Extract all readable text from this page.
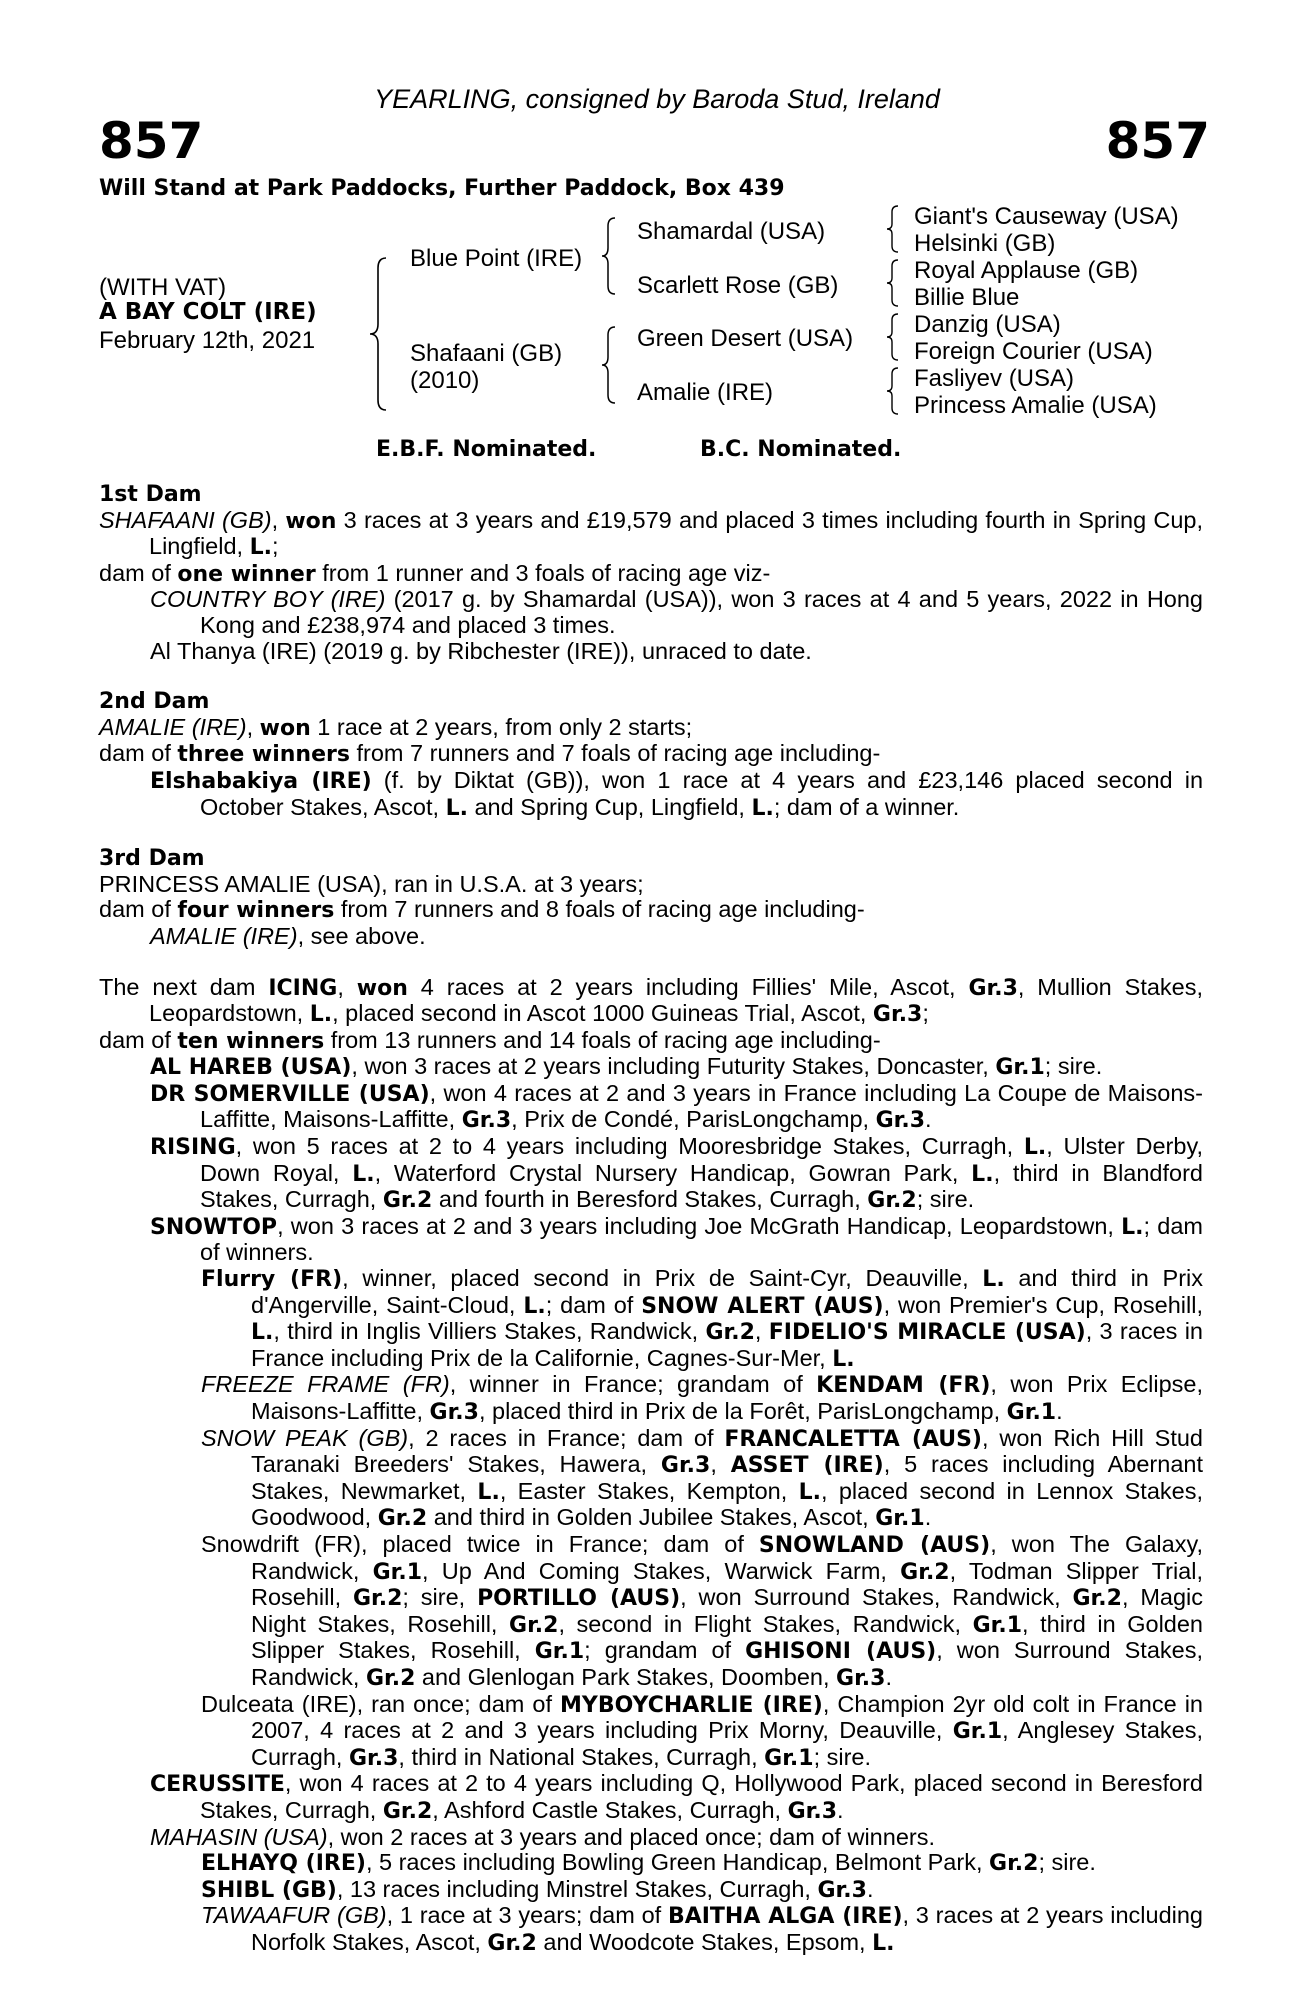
YEARLING, consigned by Baroda Stud, Ireland
857	857
Will Stand at Park Paddocks, Further Paddock, Box 439
(WITH VAT)
A BAY COLT (IRE)
February 12th, 2021
Blue Point (IRE)
Shafaani (GB)
(2010)
Shamardal (USA)
Scarlett Rose (GB)
Green Desert (USA)
Amalie (IRE)
Giant's Causeway (USA)
Helsinki (GB)
Royal Applause (GB)
Billie Blue
Danzig (USA)
Foreign Courier (USA)
Fasliyev (USA)
Princess Amalie (USA)
E.B.F. Nominated.	B.C. Nominated.
1st Dam
SHAFAANI (GB), won 3 races at 3 years and £19,579 and placed 3 times including fourth in Spring Cup, Lingfield, L.;
dam of one winner from 1 runner and 3 foals of racing age viz-
COUNTRY BOY (IRE) (2017 g. by Shamardal (USA)), won 3 races at 4 and 5 years, 2022 in Hong Kong and £238,974 and placed 3 times.
Al Thanya (IRE) (2019 g. by Ribchester (IRE)), unraced to date.
2nd Dam
AMALIE (IRE), won 1 race at 2 years, from only 2 starts;
dam of three winners from 7 runners and 7 foals of racing age including-
Elshabakiya (IRE) (f. by Diktat (GB)), won 1 race at 4 years and £23,146 placed second in October Stakes, Ascot, L. and Spring Cup, Lingfield, L.; dam of a winner.
3rd Dam
PRINCESS AMALIE (USA), ran in U.S.A. at 3 years;
dam of four winners from 7 runners and 8 foals of racing age including-
AMALIE (IRE), see above.
The next dam ICING, won 4 races at 2 years including Fillies' Mile, Ascot, Gr.3, Mullion Stakes, Leopardstown, L., placed second in Ascot 1000 Guineas Trial, Ascot, Gr.3;
dam of ten winners from 13 runners and 14 foals of racing age including-
AL HAREB (USA), won 3 races at 2 years including Futurity Stakes, Doncaster, Gr.1; sire.
DR SOMERVILLE (USA), won 4 races at 2 and 3 years in France including La Coupe de Maisons-Laffitte, Maisons-Laffitte, Gr.3, Prix de Condé, ParisLongchamp, Gr.3.
RISING, won 5 races at 2 to 4 years including Mooresbridge Stakes, Curragh, L., Ulster Derby, Down Royal, L., Waterford Crystal Nursery Handicap, Gowran Park, L., third in Blandford Stakes, Curragh, Gr.2 and fourth in Beresford Stakes, Curragh, Gr.2; sire.
SNOWTOP, won 3 races at 2 and 3 years including Joe McGrath Handicap, Leopardstown, L.; dam of winners.
Flurry (FR), winner, placed second in Prix de Saint-Cyr, Deauville, L. and third in Prix d'Angerville, Saint-Cloud, L.; dam of SNOW ALERT (AUS), won Premier's Cup, Rosehill, L., third in Inglis Villiers Stakes, Randwick, Gr.2, FIDELIO'S MIRACLE (USA), 3 races in France including Prix de la Californie, Cagnes-Sur-Mer, L.
FREEZE FRAME (FR), winner in France; grandam of KENDAM (FR), won Prix Eclipse, Maisons-Laffitte, Gr.3, placed third in Prix de la Forêt, ParisLongchamp, Gr.1.
SNOW PEAK (GB), 2 races in France; dam of FRANCALETTA (AUS), won Rich Hill Stud Taranaki Breeders' Stakes, Hawera, Gr.3, ASSET (IRE), 5 races including Abernant Stakes, Newmarket, L., Easter Stakes, Kempton, L., placed second in Lennox Stakes, Goodwood, Gr.2 and third in Golden Jubilee Stakes, Ascot, Gr.1.
Snowdrift (FR), placed twice in France; dam of SNOWLAND (AUS), won The Galaxy, Randwick, Gr.1, Up And Coming Stakes, Warwick Farm, Gr.2, Todman Slipper Trial, Rosehill, Gr.2; sire, PORTILLO (AUS), won Surround Stakes, Randwick, Gr.2, Magic Night Stakes, Rosehill, Gr.2, second in Flight Stakes, Randwick, Gr.1, third in Golden Slipper Stakes, Rosehill, Gr.1; grandam of GHISONI (AUS), won Surround Stakes, Randwick, Gr.2 and Glenlogan Park Stakes, Doomben, Gr.3.
Dulceata (IRE), ran once; dam of MYBOYCHARLIE (IRE), Champion 2yr old colt in France in 2007, 4 races at 2 and 3 years including Prix Morny, Deauville, Gr.1, Anglesey Stakes, Curragh, Gr.3, third in National Stakes, Curragh, Gr.1; sire.
CERUSSITE, won 4 races at 2 to 4 years including Q, Hollywood Park, placed second in Beresford Stakes, Curragh, Gr.2, Ashford Castle Stakes, Curragh, Gr.3.
MAHASIN (USA), won 2 races at 3 years and placed once; dam of winners.
ELHAYQ (IRE), 5 races including Bowling Green Handicap, Belmont Park, Gr.2; sire.
SHIBL (GB), 13 races including Minstrel Stakes, Curragh, Gr.3.
TAWAAFUR (GB), 1 race at 3 years; dam of BAITHA ALGA (IRE), 3 races at 2 years including Norfolk Stakes, Ascot, Gr.2 and Woodcote Stakes, Epsom, L.
